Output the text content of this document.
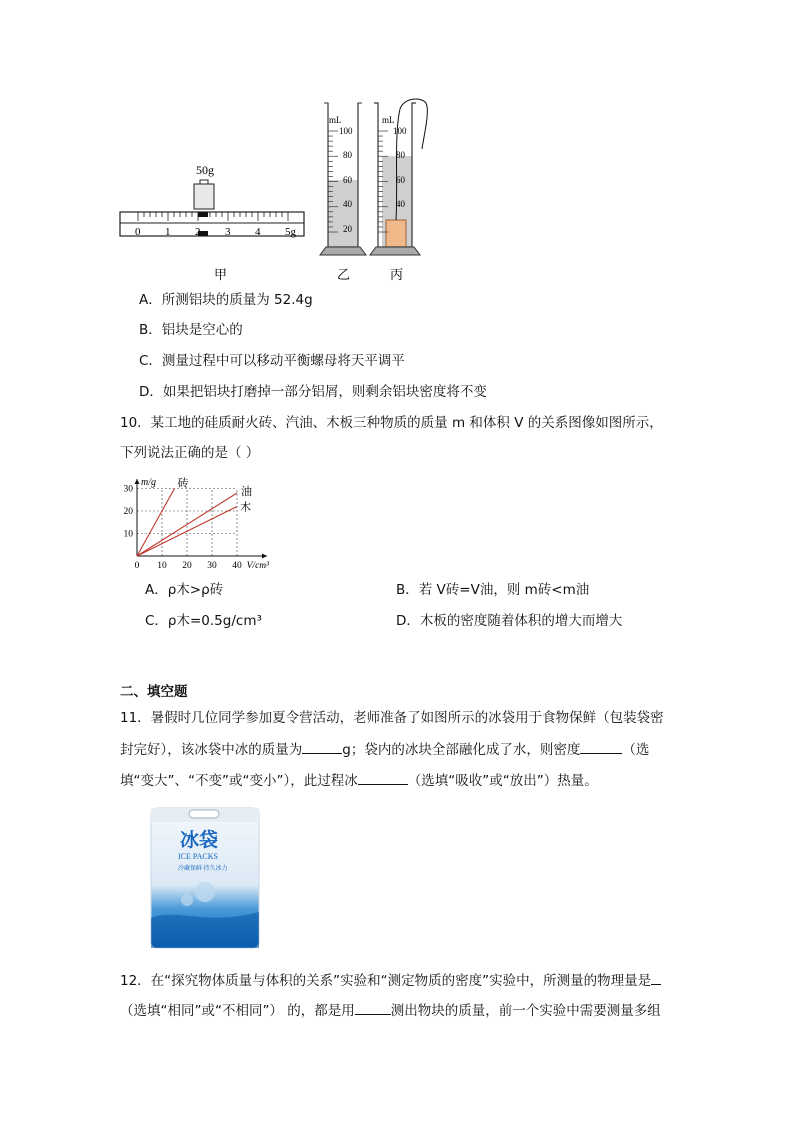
50g
0 1 2 3 4 5g
mL
100
80
60
40
20
mL
100
80
60
40
甲	乙	丙
A．所测铝块的质量为 52.4g
B．铝块是空心的
C．测量过程中可以移动平衡螺母将天平调平
D．如果把铝块打磨掉一部分铝屑，则剩余铝块密度将不变
10．某工地的硅质耐火砖、汽油、木板三种物质的质量 m 和体积 V 的关系图像如图所示，
下列说法正确的是（ ）
10
20
30
0 10 20 30 40
m/g
V/cm³
砖
油
木
A．ρ木>ρ砖	B．若 V砖=V油，则 m砖<m油
C．ρ木=0.5g/cm³	D．木板的密度随着体积的增大而增大
二、填空题
11．暑假时几位同学参加夏令营活动，老师准备了如图所示的冰袋用于食物保鲜（包装袋密
封完好），该冰袋中冰的质量为	g；袋内的冰块全部融化成了水，则密度	（选
填“变大”、“不变”或“变小”），此过程冰	（选填“吸收”或“放出”）热量。
冰袋
ICE PACKS
冷藏保鲜 持久冰力
12．在“探究物体质量与体积的关系”实验和“测定物质的密度”实验中，所测量的物理量是
（选填“相同”或“不相同”） 的，都是用	测出物块的质量，前一个实验中需要测量多组
